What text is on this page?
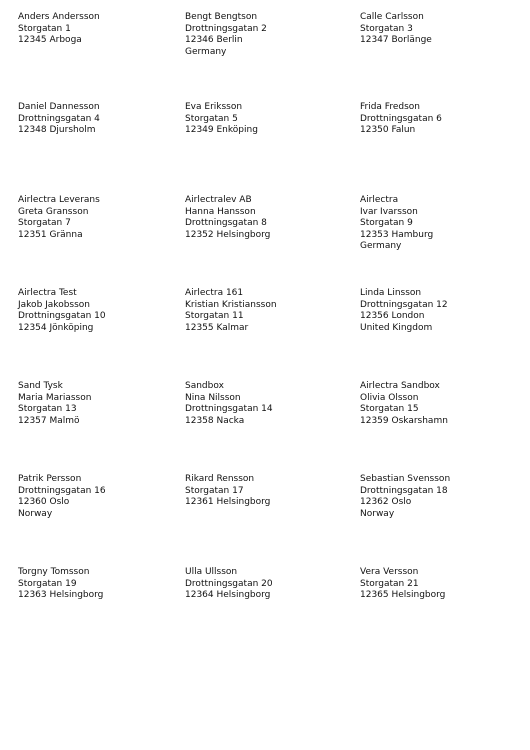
Anders Andersson
Storgatan 1
12345 Arboga
Bengt Bengtson
Drottningsgatan 2
12346 Berlin
Germany
Calle Carlsson
Storgatan 3
12347 Borlänge
Daniel Dannesson
Drottningsgatan 4
12348 Djursholm
Eva Eriksson
Storgatan 5
12349 Enköping
Frida Fredson
Drottningsgatan 6
12350 Falun
Airlectra Leverans
Greta Gransson
Storgatan 7
12351 Gränna
Airlectralev AB
Hanna Hansson
Drottningsgatan 8
12352 Helsingborg
Airlectra
Ivar Ivarsson
Storgatan 9
12353 Hamburg
Germany
Airlectra Test
Jakob Jakobsson
Drottningsgatan 10
12354 Jönköping
Airlectra 161
Kristian Kristiansson
Storgatan 11
12355 Kalmar
Linda Linsson
Drottningsgatan 12
12356 London
United Kingdom
Sand Tysk
Maria Mariasson
Storgatan 13
12357 Malmö
Sandbox
Nina Nilsson
Drottningsgatan 14
12358 Nacka
Airlectra Sandbox
Olivia Olsson
Storgatan 15
12359 Oskarshamn
Patrik Persson
Drottningsgatan 16
12360 Oslo
Norway
Rikard Rensson
Storgatan 17
12361 Helsingborg
Sebastian Svensson
Drottningsgatan 18
12362 Oslo
Norway
Torgny Tomsson
Storgatan 19
12363 Helsingborg
Ulla Ullsson
Drottningsgatan 20
12364 Helsingborg
Vera Versson
Storgatan 21
12365 Helsingborg
